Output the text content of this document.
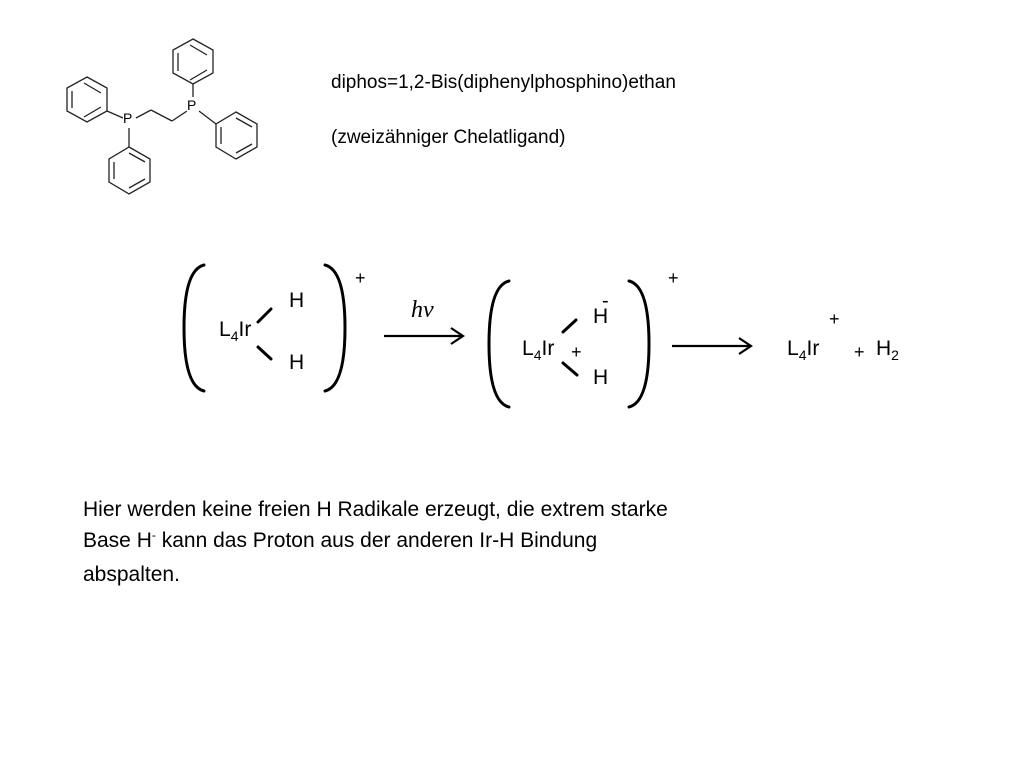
P
P
diphos=1,2-Bis(diphenylphosphino)ethan
(zweizähniger Chelatligand)
H
$L_4Ir$
H
+
hν	-
H
$L_4Ir$ +
H
+
+
$L_4Ir + H_2$
Hier werden keine freien H Radikale erzeugt, die extrem starke
Base H- kann das Proton aus der anderen Ir-H Bindung
abspalten.
